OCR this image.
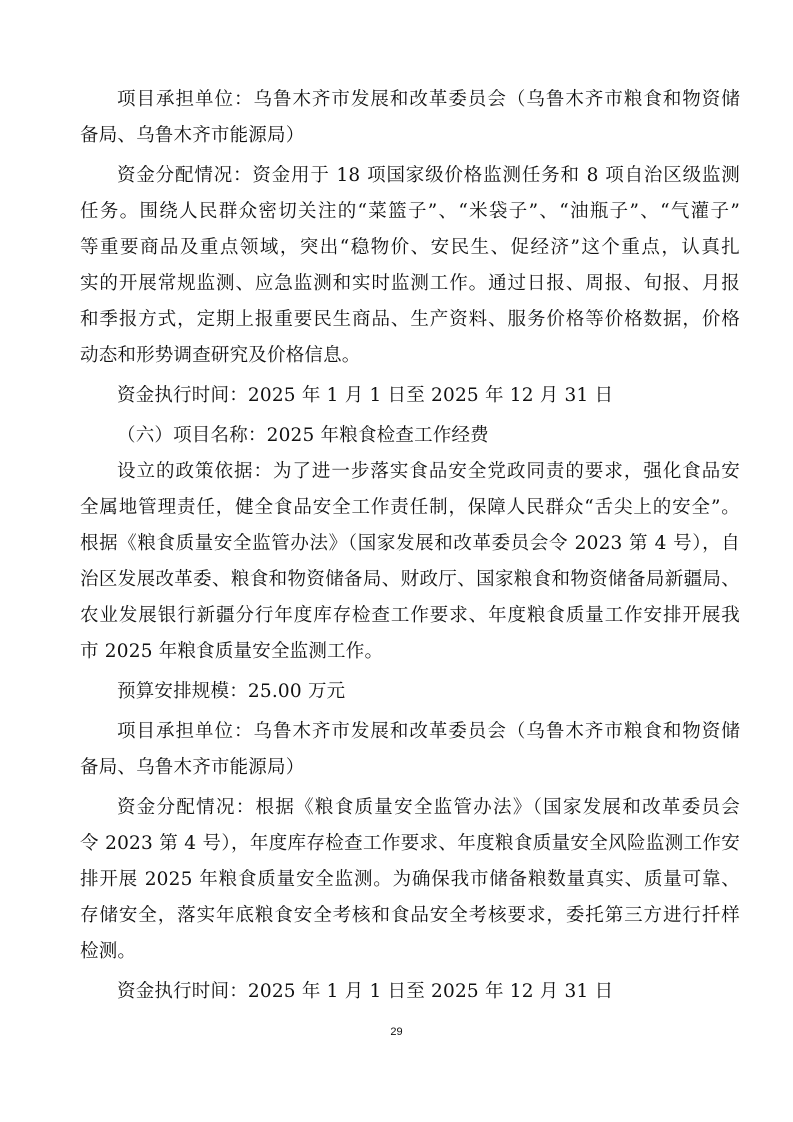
项目承担单位：乌鲁木齐市发展和改革委员会（乌鲁木齐市粮食和物资储
备局、乌鲁木齐市能源局）
资金分配情况：资金用于 18 项国家级价格监测任务和 8 项自治区级监测
任务。围绕人民群众密切关注的“菜篮子”、“米袋子”、“油瓶子”、“气灌子”
等重要商品及重点领域，突出“稳物价、安民生、促经济”这个重点，认真扎
实的开展常规监测、应急监测和实时监测工作。通过日报、周报、旬报、月报
和季报方式，定期上报重要民生商品、生产资料、服务价格等价格数据，价格
动态和形势调查研究及价格信息。
资金执行时间：2025 年 1 月 1 日至 2025 年 12 月 31 日
（六）项目名称：2025 年粮食检查工作经费
设立的政策依据：为了进一步落实食品安全党政同责的要求，强化食品安
全属地管理责任，健全食品安全工作责任制，保障人民群众“舌尖上的安全”。
根据《粮食质量安全监管办法》（国家发展和改革委员会令 2023 第 4 号），自
治区发展改革委、粮食和物资储备局、财政厅、国家粮食和物资储备局新疆局、
农业发展银行新疆分行年度库存检查工作要求、年度粮食质量工作安排开展我
市 2025 年粮食质量安全监测工作。
预算安排规模：25.00 万元
项目承担单位：乌鲁木齐市发展和改革委员会（乌鲁木齐市粮食和物资储
备局、乌鲁木齐市能源局）
资金分配情况：根据《粮食质量安全监管办法》（国家发展和改革委员会
令 2023 第 4 号），年度库存检查工作要求、年度粮食质量安全风险监测工作安
排开展 2025 年粮食质量安全监测。为确保我市储备粮数量真实、质量可靠、
存储安全，落实年底粮食安全考核和食品安全考核要求，委托第三方进行扦样
检测。
资金执行时间：2025 年 1 月 1 日至 2025 年 12 月 31 日
29
